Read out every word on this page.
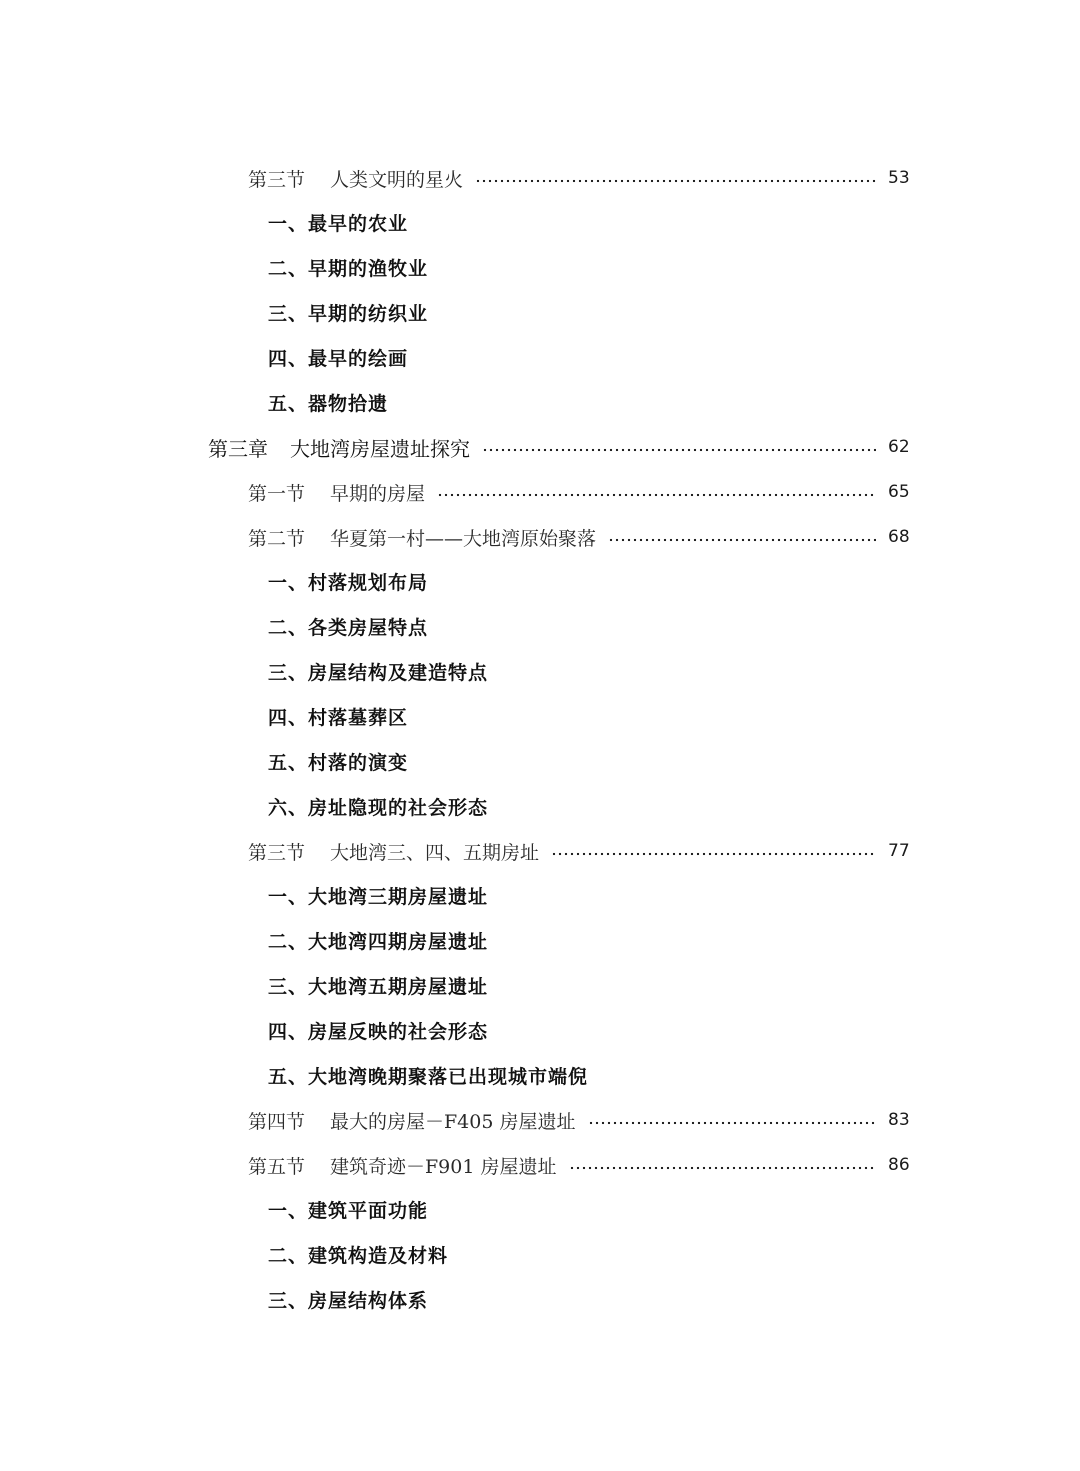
第三节	人类文明的星火	53
一、最早的农业
二、早期的渔牧业
三、早期的纺织业
四、最早的绘画
五、器物拾遗
第三章	大地湾房屋遗址探究	62
第一节	早期的房屋	65
第二节	华夏第一村——大地湾原始聚落	68
一、村落规划布局
二、各类房屋特点
三、房屋结构及建造特点
四、村落墓葬区
五、村落的演变
六、房址隐现的社会形态
第三节	大地湾三、四、五期房址	77
一、大地湾三期房屋遗址
二、大地湾四期房屋遗址
三、大地湾五期房屋遗址
四、房屋反映的社会形态
五、大地湾晚期聚落已出现城市端倪
第四节	最大的房屋－F405 房屋遗址	83
第五节	建筑奇迹－F901 房屋遗址	86
一、建筑平面功能
二、建筑构造及材料
三、房屋结构体系
